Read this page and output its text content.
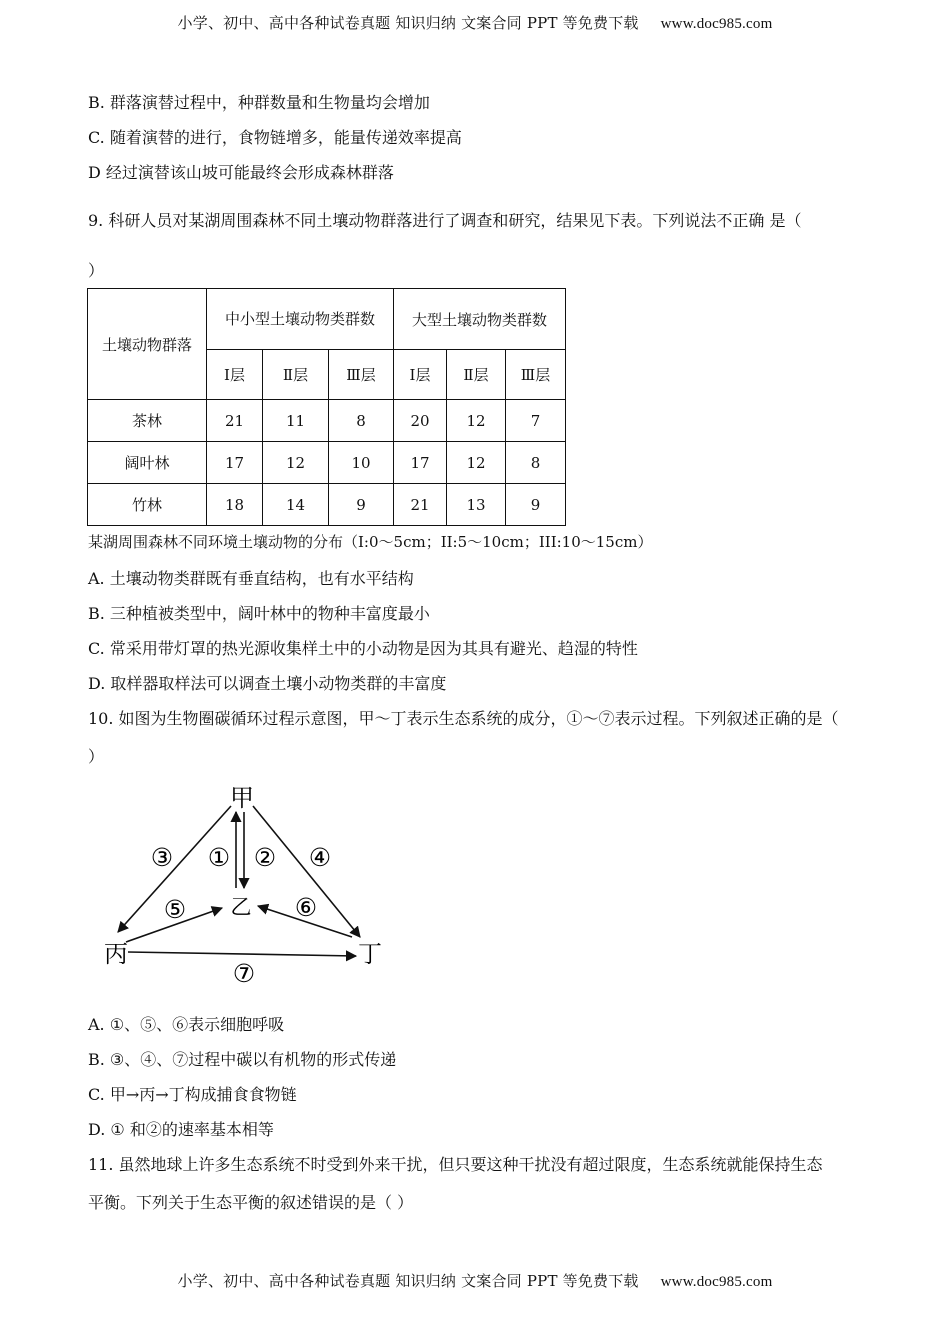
小学、初中、高中各种试卷真题 知识归纳 文案合同 PPT 等免费下载 www.doc985.com
B. 群落演替过程中，种群数量和生物量均会增加
C. 随着演替的进行，食物链增多，能量传递效率提高
D 经过演替该山坡可能最终会形成森林群落
9. 科研人员对某湖周围森林不同土壤动物群落进行了调查和研究，结果见下表。下列说法不正确 是（
）
土壤动物群落	中小型土壤动物类群数			大型土壤动物类群数		
	Ⅰ层	Ⅱ层	Ⅲ层	Ⅰ层	Ⅱ层	Ⅲ层
茶林	21	11	8	20	12	7
阔叶林	17	12	10	17	12	8
竹林	18	14	9	21	13	9
某湖周围森林不同环境土壤动物的分布（I:0～5cm；II:5～10cm；III:10～15cm）
A. 土壤动物类群既有垂直结构，也有水平结构
B. 三种植被类型中，阔叶林中的物种丰富度最小
C. 常采用带灯罩的热光源收集样土中的小动物是因为其具有避光、趋湿的特性
D. 取样器取样法可以调查土壤小动物类群的丰富度
10. 如图为生物圈碳循环过程示意图，甲～丁表示生态系统的成分，①～⑦表示过程。下列叙述正确的是（
）
甲
乙
丙	丁
③ ① ② ④
⑤	⑥
⑦
A. ①、⑤、⑥表示细胞呼吸
B. ③、④、⑦过程中碳以有机物的形式传递
C. 甲→丙→丁构成捕食食物链
D. ① 和②的速率基本相等
11. 虽然地球上许多生态系统不时受到外来干扰，但只要这种干扰没有超过限度，生态系统就能保持生态
平衡。下列关于生态平衡的叙述错误的是（ ）
小学、初中、高中各种试卷真题 知识归纳 文案合同 PPT 等免费下载 www.doc985.com
